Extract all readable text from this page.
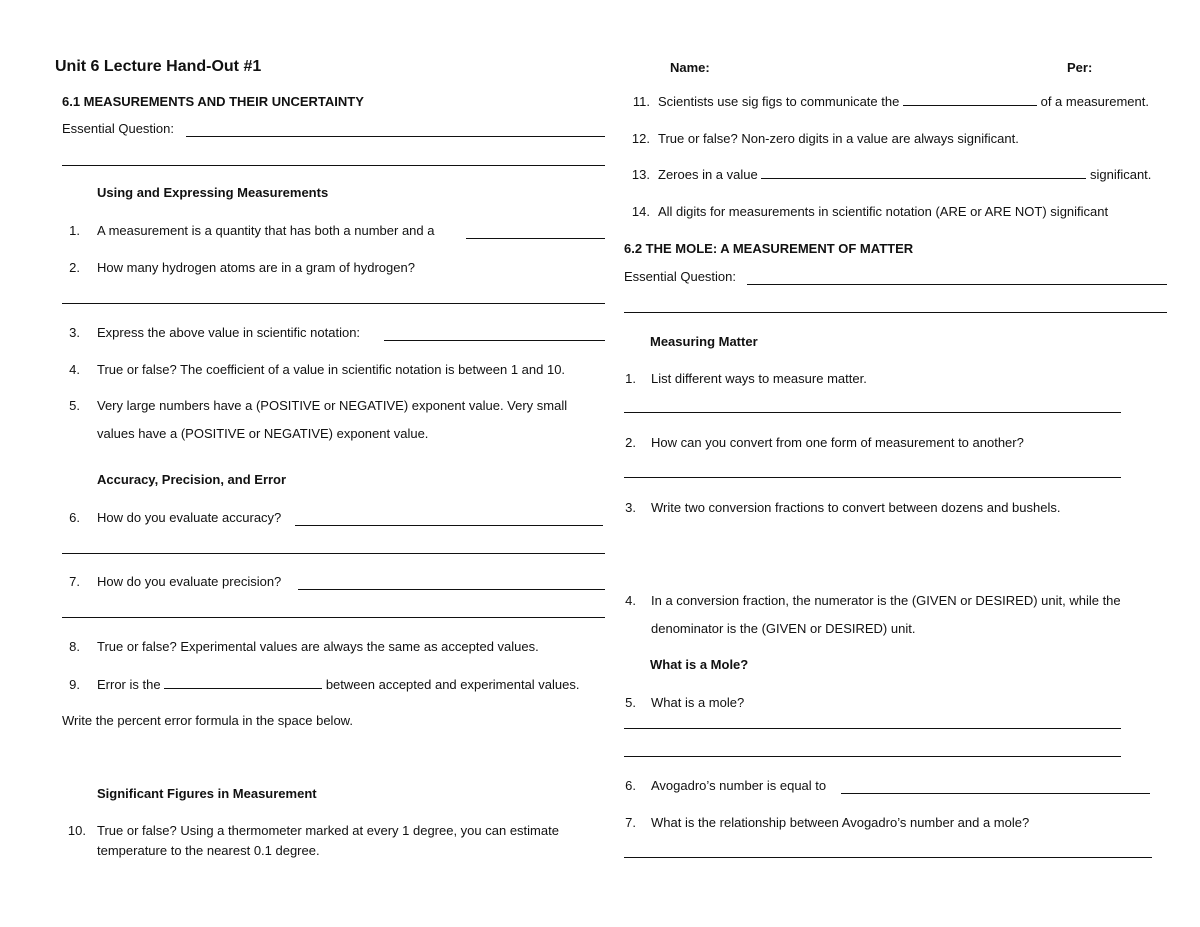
Unit 6 Lecture Hand-Out #1
6.1 MEASUREMENTS AND THEIR UNCERTAINTY
Essential Question:
Using and Expressing Measurements
1. A measurement is a quantity that has both a number and a
2. How many hydrogen atoms are in a gram of hydrogen?
3. Express the above value in scientific notation:
4. True or false? The coefficient of a value in scientific notation is between 1 and 10.
5. Very large numbers have a (POSITIVE or NEGATIVE) exponent value. Very small
values have a (POSITIVE or NEGATIVE) exponent value.
Accuracy, Precision, and Error
6. How do you evaluate accuracy?
7. How do you evaluate precision?
8. True or false? Experimental values are always the same as accepted values.
9. Error is the	between accepted and experimental values.
Write the percent error formula in the space below.
Significant Figures in Measurement
10. True or false? Using a thermometer marked at every 1 degree, you can estimate
temperature to the nearest 0.1 degree.
Name:	Per:
11. Scientists use sig figs to communicate the	of a measurement.
12. True or false? Non-zero digits in a value are always significant.
13. Zeroes in a value	significant.
14. All digits for measurements in scientific notation (ARE or ARE NOT) significant
6.2 THE MOLE: A MEASUREMENT OF MATTER
Essential Question:
Measuring Matter
1. List different ways to measure matter.
2. How can you convert from one form of measurement to another?
3. Write two conversion fractions to convert between dozens and bushels.
4. In a conversion fraction, the numerator is the (GIVEN or DESIRED) unit, while the
denominator is the (GIVEN or DESIRED) unit.
What is a Mole?
5. What is a mole?
6. Avogadro’s number is equal to
7. What is the relationship between Avogadro’s number and a mole?
